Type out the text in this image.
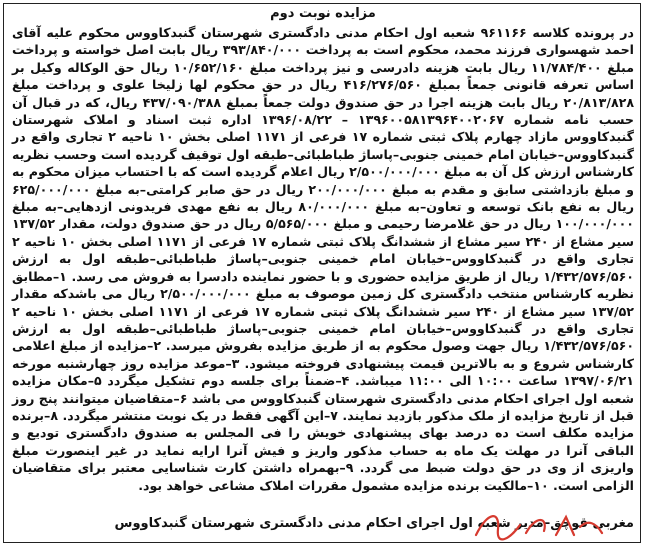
مزایده نوبت دوم
در پرونده کلاسه ۹۶۱۱۶۶ شعبه اول احکام مدنی دادگستری شهرستان گنبدکاووس محکوم علیه آقای احمد شهسواری فرزند محمد، محکوم است به پرداخت ۳۹۳/۸۴۰/۰۰۰ ریال بابت اصل خواسته و پرداخت مبلغ ۱۱/۷۸۴/۴۰۰ ریال بابت هزینه دادرسی و نیز پرداخت مبلغ ۱۰/۶۵۲/۱۶۰ ریال حق الوکاله وکیل بر اساس تعرفه قانونی جمعاً بمبلغ ۴۱۶/۲۷۶/۵۶۰ ریال در حق محکوم لها زلیخا علوی و پرداخت مبلغ ۲۰/۸۱۳/۸۲۸ ریال بابت هزینه اجرا در حق صندوق دولت جمعاً بمبلغ ۴۳۷/۰۹۰/۳۸۸ ریال، که در قبال آن حسب نامه شماره ۱۳۹۶۰۰۵۸۱۳۹۶۴۰۰۲۰۶۷ – ۱۳۹۶/۰۸/۲۲ اداره ثبت اسناد و املاک شهرستان گنبدکاووس مازاد چهارم پلاک ثبتی شماره ۱۷ فرعی از ۱۱۷۱ اصلی بخش ۱۰ ناحیه ۲ تجاری واقع در گنبدکاووس–خیابان امام خمینی جنوبی–پاساژ طباطبائی–طبقه اول توقیف گردیده است وحسب نظریه کارشناس ارزش کل آن به مبلغ ۲/۵۰۰/۰۰۰/۰۰۰ ریال اعلام گردیده است که با احتساب میزان محکوم به و مبلغ بازداشتی سابق و مقدم به مبلغ ۲۰۰/۰۰۰/۰۰۰ ریال در حق صابر کرامتی–به مبلغ ۶۲۵/۰۰۰/۰۰۰ ریال به نفع بانک توسعه و تعاون–به مبلغ ۸۰/۰۰۰/۰۰۰ ریال به نفع مهدی فریدونی ازدهایی–به مبلغ ۱۰۰/۰۰۰/۰۰۰ ریال در حق غلامرضا رحیمی و مبلغ ۵/۵۶۵/۰۰۰ ریال در حق صندوق دولت، مقدار ۱۳۷/۵۲ سیر مشاع از ۲۴۰ سیر مشاع از ششدانگ پلاک ثبتی شماره ۱۷ فرعی از ۱۱۷۱ اصلی بخش ۱۰ ناحیه ۲ تجاری واقع در گنبدکاووس–خیابان امام خمینی جنوبی–پاساژ طباطبائی–طبقه اول به ارزش ۱/۴۳۲/۵۷۶/۵۶۰ ریال از طریق مزایده حضوری و با حضور نماینده دادسرا به فروش می رسد. ۱–مطابق نظریه کارشناس منتخب دادگستری کل زمین موصوف به مبلغ ۲/۵۰۰/۰۰۰/۰۰۰ ریال می باشدکه مقدار ۱۳۷/۵۲ سیر مشاع از ۲۴۰ سیر ششدانگ پلاک ثبتی شماره ۱۷ فرعی از ۱۱۷۱ اصلی بخش ۱۰ ناحیه ۲ تجاری واقع در گنبدکاووس–خیابان امام خمینی جنوبی–پاساژ طباطبائی–طبقه اول به ارزش ۱/۴۳۲/۵۷۶/۵۶۰ ریال جهت وصول محکوم به از طریق مزایده بفروش میرسد. ۲–مزایده از مبلغ اعلامی کارشناس شروع و به بالاترین قیمت پیشنهادی فروخته میشود. ۳–موعد مزایده روز چهارشنبه مورخه ۱۳۹۷/۰۶/۲۱ ساعت ۱۰:۰۰ الی ۱۱:۰۰ میباشد. ۴–ضمناً برای جلسه دوم تشکیل میگردد ۵–مکان مزایده شعبه اول اجرای احکام مدنی دادگستری شهرستان گنبدکاووس می باشد ۶–متقاضیان میتوانند پنج روز قبل از تاریخ مزایده از ملک مذکور بازدید نمایند. ۷–این آگهی فقط در یک نوبت منتشر میگردد. ۸–برنده مزایده مکلف است ده درصد بهای پیشنهادی خویش را فی المجلس به صندوق دادگستری تودیع و الباقی آنرا در مهلت یک ماه به حساب مذکور واریز و فیش آنرا ارایه نماید در غیر اینصورت مبلغ واریزی از وی در حق دولت ضبط می گردد. ۹–بهمراه داشتن کارت شناسایی معتبر برای متقاضیان الزامی است. ۱۰–مالکیت برنده مزایده مشمول مقررات املاک مشاعی خواهد بود.
مغربی قوچق–مدیر شعبه اول اجرای احکام مدنی دادگستری شهرستان گنبدکاووس
